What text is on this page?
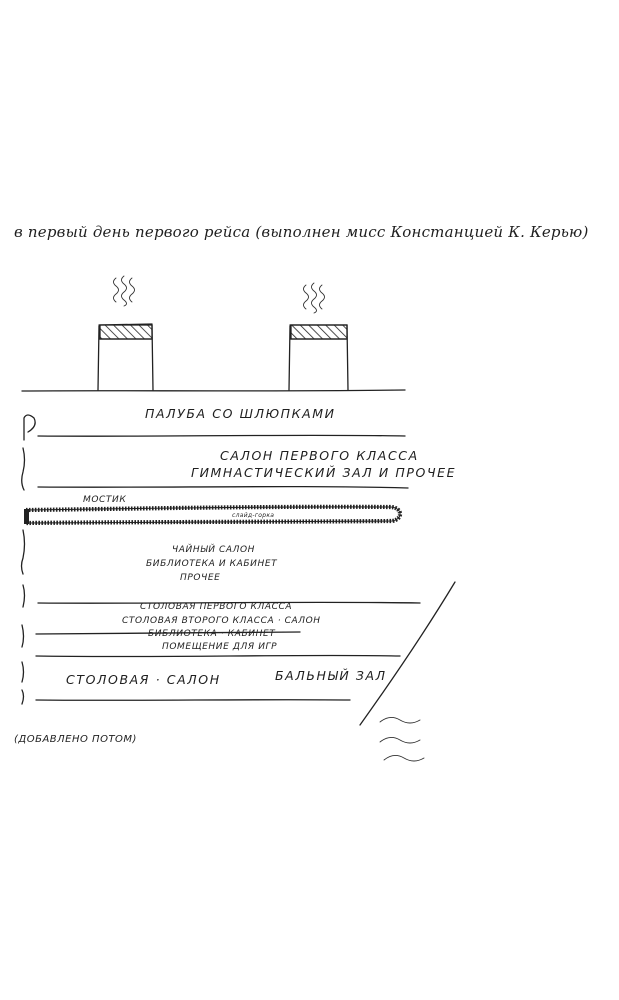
в первый день первого рейса (выполнен мисс Констанцией К. Керью)
ПАЛУБА СО ШЛЮПКАМИ
САЛОН ПЕРВОГО КЛАССА
ГИМНАСТИЧЕСКИЙ ЗАЛ И ПРОЧЕЕ
МОСТИК
слайд-горка
ЧАЙНЫЙ САЛОН
БИБЛИОТЕКА И КАБИНЕТ
ПРОЧЕЕ
СТОЛОВАЯ ПЕРВОГО КЛАССА
СТОЛОВАЯ ВТОРОГО КЛАССА · САЛОН
БИБЛИОТЕКА · КАБИНЕТ
ПОМЕЩЕНИЕ ДЛЯ ИГР
СТОЛОВАЯ · САЛОН	БАЛЬНЫЙ ЗАЛ
(ДОБАВЛЕНО ПОТОМ)
